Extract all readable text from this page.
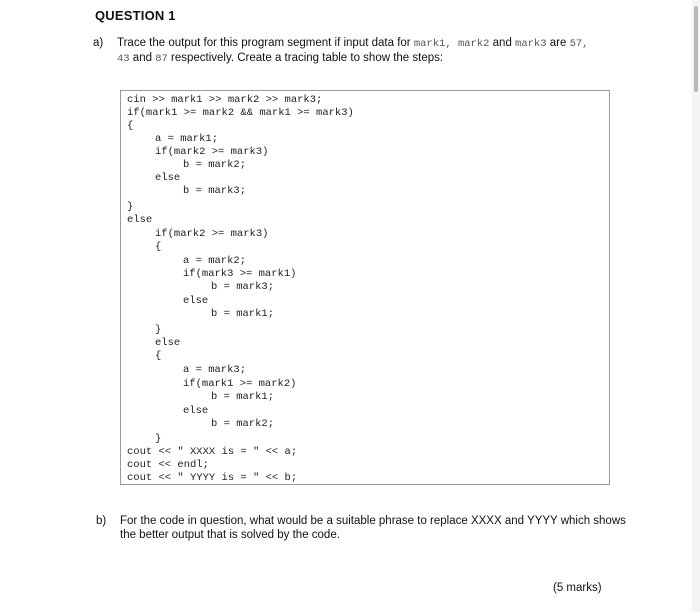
QUESTION 1
a) Trace the output for this program segment if input data for mark1, mark2 and mark3 are 57,
43 and 87 respectively. Create a tracing table to show the steps:
cin >> mark1 >> mark2 >> mark3;
if(mark1 >= mark2 && mark1 >= mark3)
{
a = mark1;
if(mark2 >= mark3)
b = mark2;
else
b = mark3;
}
else
if(mark2 >= mark3)
{
a = mark2;
if(mark3 >= mark1)
b = mark3;
else
b = mark1;
}
else
{
a = mark3;
if(mark1 >= mark2)
b = mark1;
else
b = mark2;
}
cout << " XXXX is = " << a;
cout << endl;
cout << " YYYY is = " << b;
b) For the code in question, what would be a suitable phrase to replace XXXX and YYYY which shows the better output that is solved by the code.
(5 marks)
